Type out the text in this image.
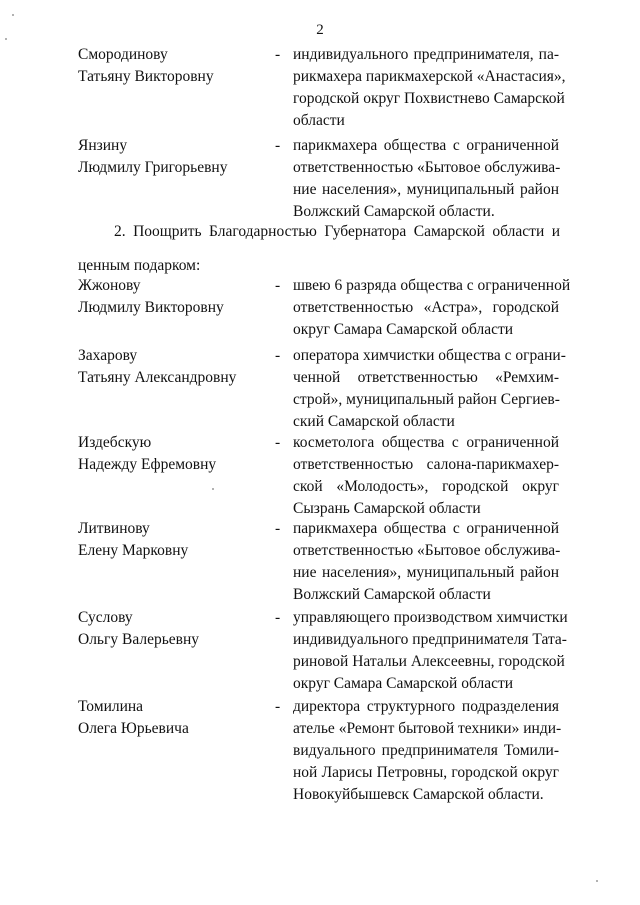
2
Смородинову
Татьяну Викторовну
- индивидуального предпринимателя, па-
рикмахера парикмахерской «Анастасия»,
городской округ Похвистнево Самарской
области
Янзину
Людмилу Григорьевну
- парикмахера общества с ограниченной
ответственностью «Бытовое обслужива-
ние населения», муниципальный район
Волжский Самарской области.
2. Поощрить Благодарностью Губернатора Самарской области и
ценным подарком:
Жжонову
Людмилу Викторовну
- швею 6 разряда общества с ограниченной
ответственностью «Астра», городской
округ Самара Самарской области
Захарову
Татьяну Александровну
- оператора химчистки общества с ограни-
ченной ответственностью «Ремхим-
строй», муниципальный район Сергиев-
ский Самарской области
Издебскую
Надежду Ефремовну
- косметолога общества с ограниченной
ответственностью салона-парикмахер-
ской «Молодость», городской округ
Сызрань Самарской области
Литвинову
Елену Марковну
- парикмахера общества с ограниченной
ответственностью «Бытовое обслужива-
ние населения», муниципальный район
Волжский Самарской области
Суслову
Ольгу Валерьевну
- управляющего производством химчистки
индивидуального предпринимателя Тата-
риновой Натальи Алексеевны, городской
округ Самара Самарской области
Томилина
Олега Юрьевича
- директора структурного подразделения
ателье «Ремонт бытовой техники» инди-
видуального предпринимателя Томили-
ной Ларисы Петровны, городской округ
Новокуйбышевск Самарской области.
